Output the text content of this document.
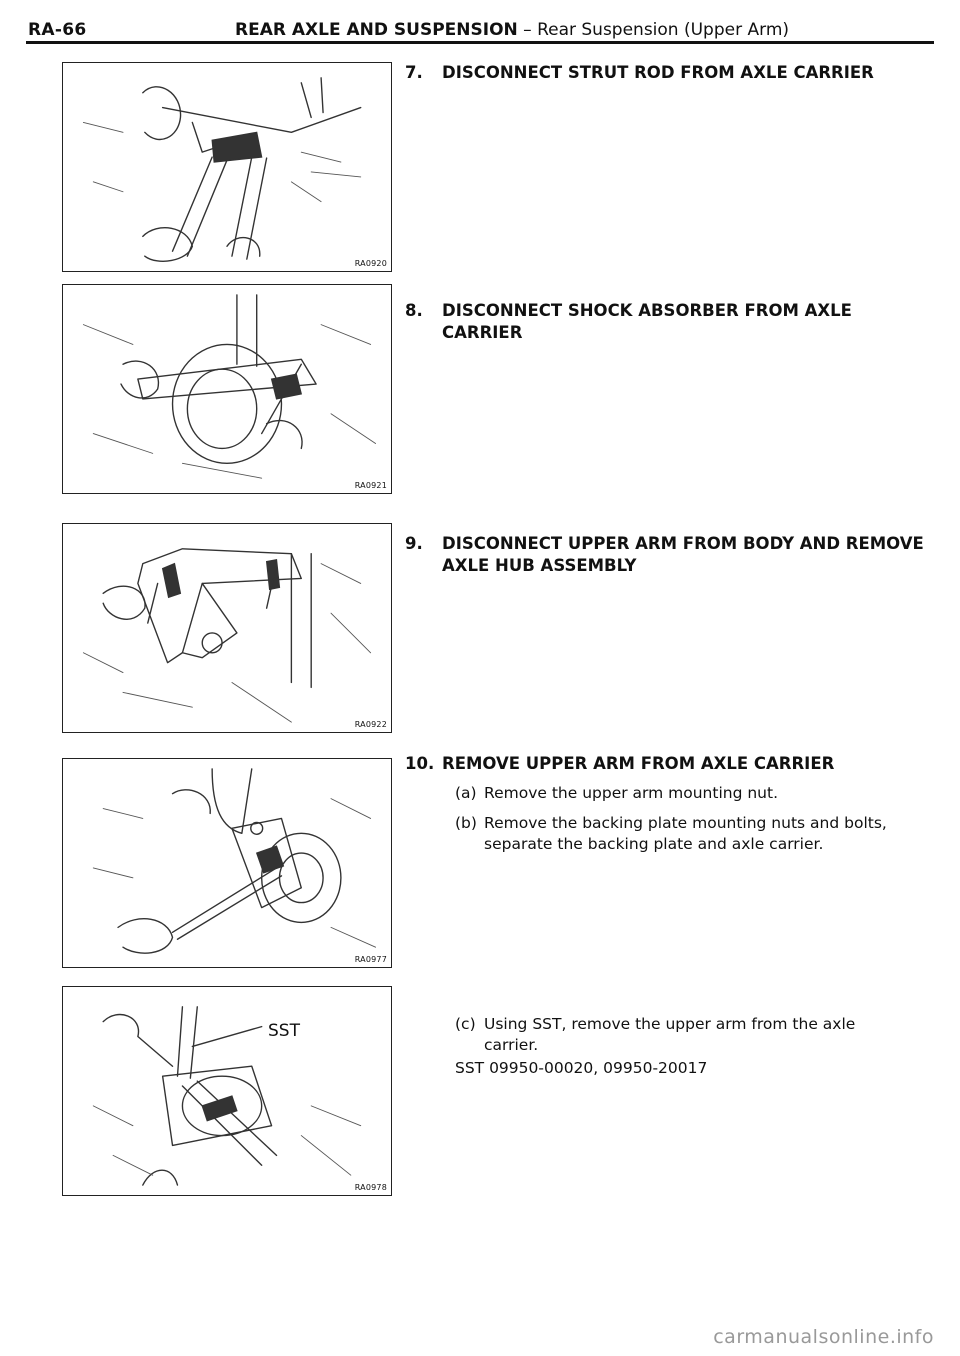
RA-66	REAR AXLE AND SUSPENSION – Rear Suspension (Upper Arm)
RA0920
RA0921
RA0922
RA0977
SST
RA0978
7.	DISCONNECT STRUT ROD FROM AXLE CARRIER
8.	DISCONNECT SHOCK ABSORBER FROM AXLE CARRIER
9.	DISCONNECT UPPER ARM FROM BODY AND REMOVE
AXLE HUB ASSEMBLY
10. REMOVE UPPER ARM FROM AXLE CARRIER
(a) Remove the upper arm mounting nut.
(b) Remove the backing plate mounting nuts and bolts,
separate the backing plate and axle carrier.
(c) Using SST, remove the upper arm from the axle
carrier.
SST 09950-00020, 09950-20017
carmanualsonline.info
